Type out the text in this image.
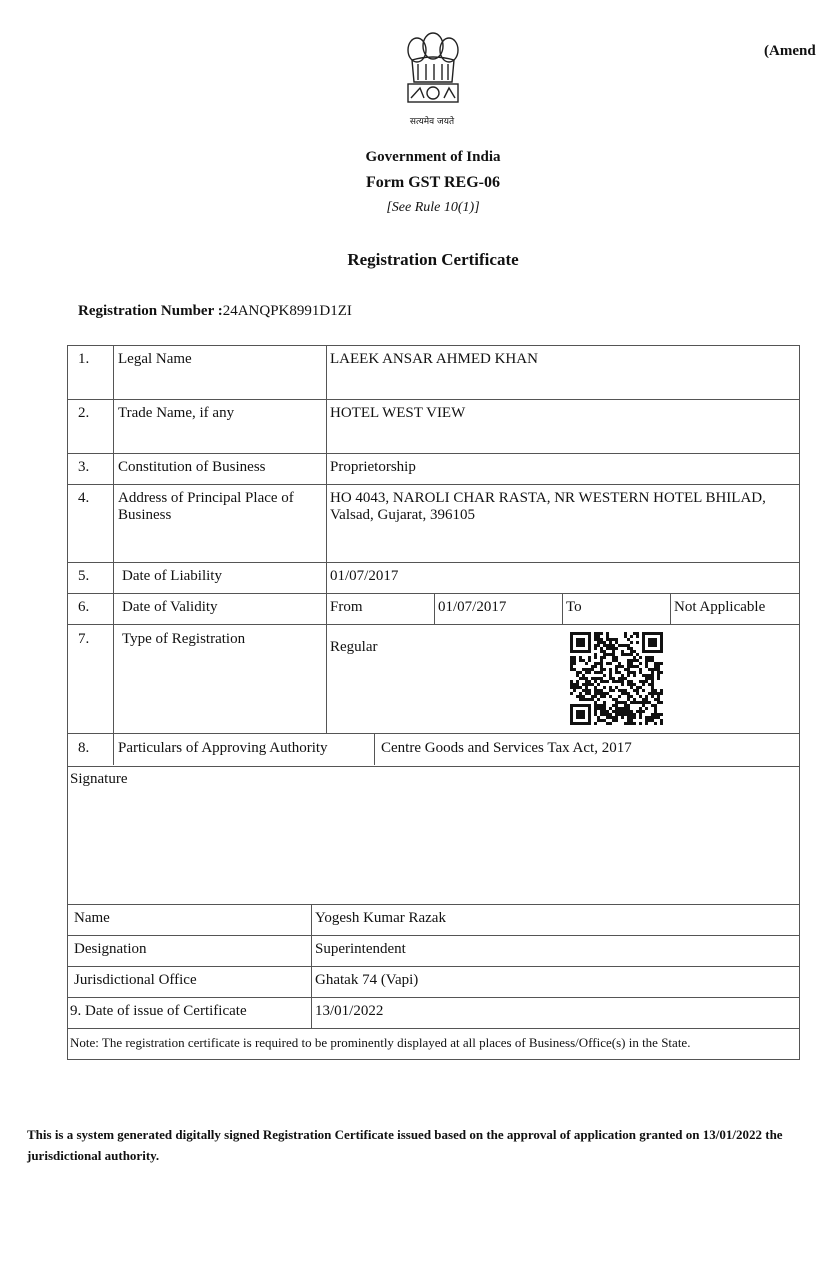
सत्यमेव जयते
(Amend
Government of India
Form GST REG-06
[See Rule 10(1)]
Registration Certificate
Registration Number :24ANQPK8991D1ZI
1. Legal Name	LAEEK ANSAR AHMED KHAN
2. Trade Name, if any	HOTEL WEST VIEW
3. Constitution of Business	Proprietorship
4. Address of Principal Place of Business
HO 4043, NAROLI CHAR RASTA, NR WESTERN HOTEL BHILAD, Valsad, Gujarat, 396105
5. Date of Liability	01/07/2017
6. Date of Validity	From	01/07/2017	To	Not Applicable
7. Type of Registration	Regular
8. Particulars of Approving Authority	Centre Goods and Services Tax Act, 2017
Signature
Name	Yogesh Kumar Razak
Designation	Superintendent
Jurisdictional Office	Ghatak 74 (Vapi)
9. Date of issue of Certificate	13/01/2022
Note: The registration certificate is required to be prominently displayed at all places of Business/Office(s) in the State.
This is a system generated digitally signed Registration Certificate issued based on the approval of application granted on 13/01/2022 the jurisdictional authority.
